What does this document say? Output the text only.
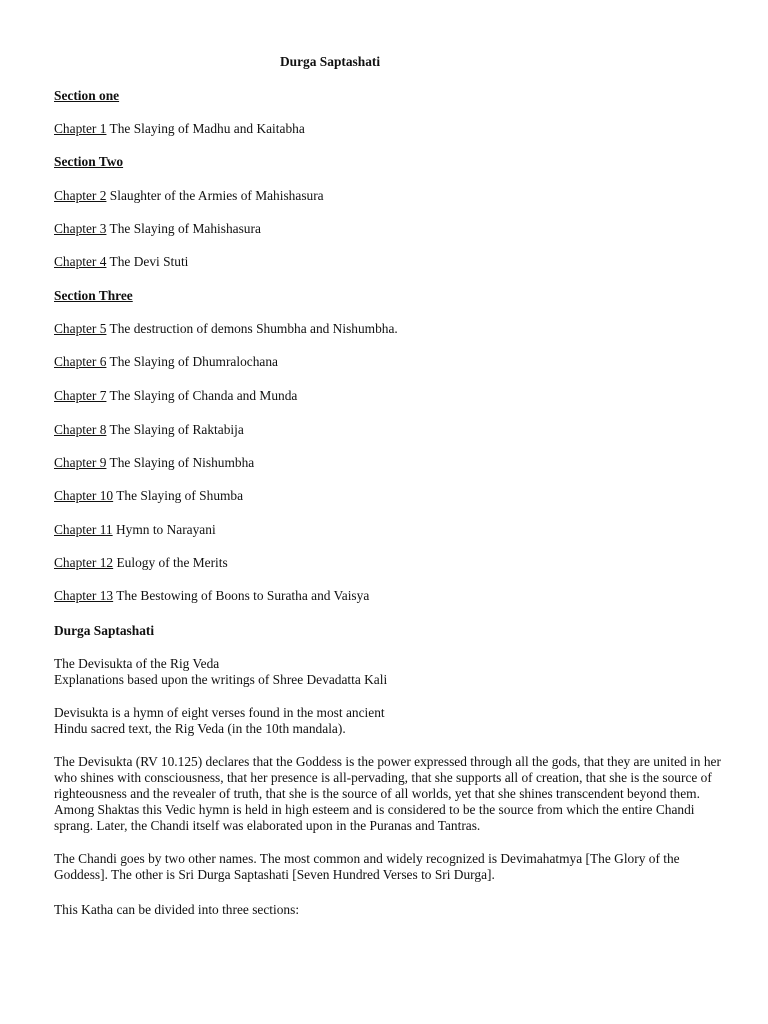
Durga Saptashati
Section one
Chapter 1 The Slaying of Madhu and Kaitabha
Section Two
Chapter 2 Slaughter of the Armies of Mahishasura
Chapter 3 The Slaying of Mahishasura
Chapter 4 The Devi Stuti
Section Three
Chapter 5 The destruction of demons Shumbha and Nishumbha.
Chapter 6 The Slaying of Dhumralochana
Chapter 7 The Slaying of Chanda and Munda
Chapter 8 The Slaying of Raktabija
Chapter 9 The Slaying of Nishumbha
Chapter 10 The Slaying of Shumba
Chapter 11 Hymn to Narayani
Chapter 12 Eulogy of the Merits
Chapter 13 The Bestowing of Boons to Suratha and Vaisya
Durga Saptashati
The Devisukta of the Rig Veda
Explanations based upon the writings of Shree Devadatta Kali
Devisukta is a hymn of eight verses found in the most ancient
Hindu sacred text, the Rig Veda (in the 10th mandala).
The Devisukta (RV 10.125) declares that the Goddess is the power expressed through all the gods, that they are united in her who shines with consciousness, that her presence is all-pervading, that she supports all of creation, that she is the source of righteousness and the revealer of truth, that she is the source of all worlds, yet that she shines transcendent beyond them. Among Shaktas this Vedic hymn is held in high esteem and is considered to be the source from which the entire Chandi sprang. Later, the Chandi itself was elaborated upon in the Puranas and Tantras.
The Chandi goes by two other names. The most common and widely recognized is Devimahatmya [The Glory of the Goddess]. The other is Sri Durga Saptashati [Seven Hundred Verses to Sri Durga].
This Katha can be divided into three sections:
